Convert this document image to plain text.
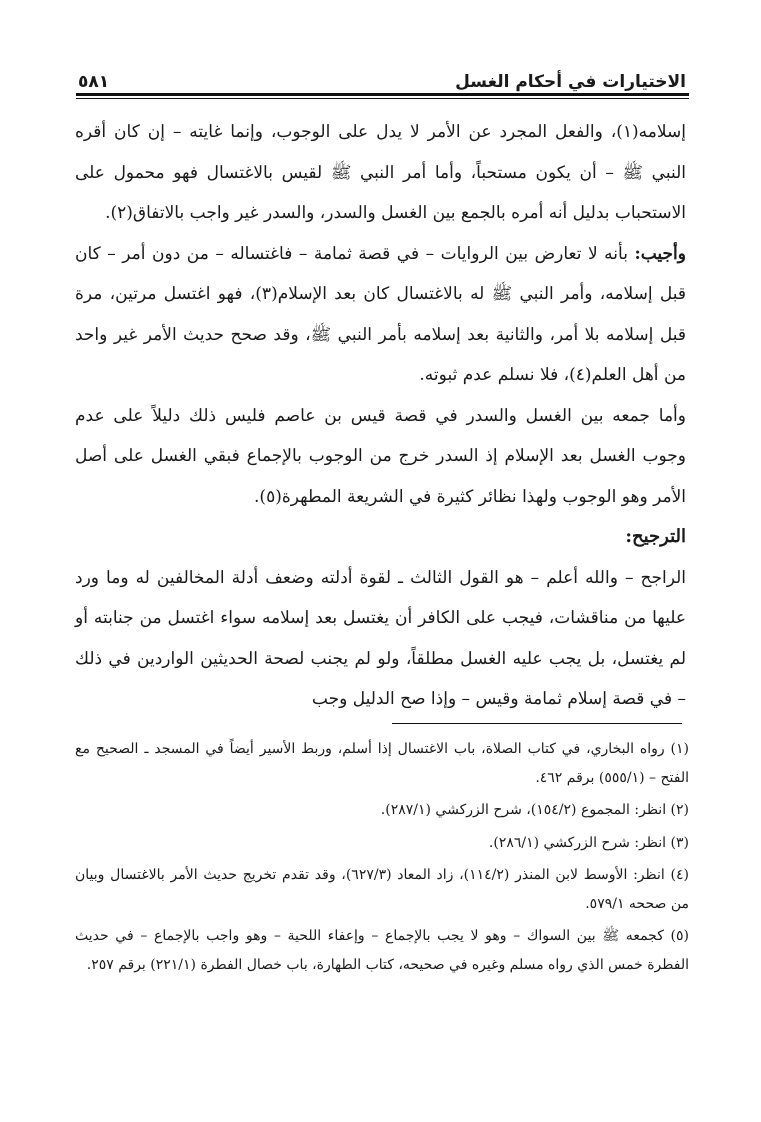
الاختيارات في أحكام الغسل
٥٨١

إسلامه(١)، والفعل المجرد عن الأمر لا يدل على الوجوب، وإنما غايته – إن كان أقره النبي ﷺ – أن يكون مستحباً، وأما أمر النبي ﷺ لقيس بالاغتسال فهو محمول على الاستحباب بدليل أنه أمره بالجمع بين الغسل والسدر، والسدر غير واجب بالاتفاق(٢).

وأجيب: بأنه لا تعارض بين الروايات – في قصة ثمامة – فاغتساله – من دون أمر – كان قبل إسلامه، وأمر النبي ﷺ له بالاغتسال كان بعد الإسلام(٣)، فهو اغتسل مرتين، مرة قبل إسلامه بلا أمر، والثانية بعد إسلامه بأمر النبي ﷺ، وقد صحح حديث الأمر غير واحد من أهل العلم(٤)، فلا نسلم عدم ثبوته.

وأما جمعه بين الغسل والسدر في قصة قيس بن عاصم فليس ذلك دليلاً على عدم وجوب الغسل بعد الإسلام إذ السدر خرج من الوجوب بالإجماع فبقي الغسل على أصل الأمر وهو الوجوب ولهذا نظائر كثيرة في الشريعة المطهرة(٥).

الترجيح:

الراجح – والله أعلم – هو القول الثالث ـ لقوة أدلته وضعف أدلة المخالفين له وما ورد عليها من مناقشات، فيجب على الكافر أن يغتسل بعد إسلامه سواء اغتسل من جنابته أو لم يغتسل، بل يجب عليه الغسل مطلقاً، ولو لم يجنب لصحة الحديثين الواردين في ذلك – في قصة إسلام ثمامة وقيس – وإذا صح الدليل وجب

(١) رواه البخاري، في كتاب الصلاة، باب الاغتسال إذا أسلم، وربط الأسير أيضاً في المسجد ـ الصحيح مع الفتح – (٥٥٥/١) برقم ٤٦٢.

(٢) انظر: المجموع (١٥٤/٢)، شرح الزركشي (٢٨٧/١).

(٣) انظر: شرح الزركشي (٢٨٦/١).

(٤) انظر: الأوسط لابن المنذر (١١٤/٢)، زاد المعاد (٦٢٧/٣)، وقد تقدم تخريج حديث الأمر بالاغتسال وبيان من صححه ٥٧٩/١.

(٥) كجمعه ﷺ بين السواك – وهو لا يجب بالإجماع – وإعفاء اللحية – وهو واجب بالإجماع – في حديث الفطرة خمس الذي رواه مسلم وغيره في صحيحه، كتاب الطهارة، باب خصال الفطرة (٢٢١/١) برقم ٢٥٧.
